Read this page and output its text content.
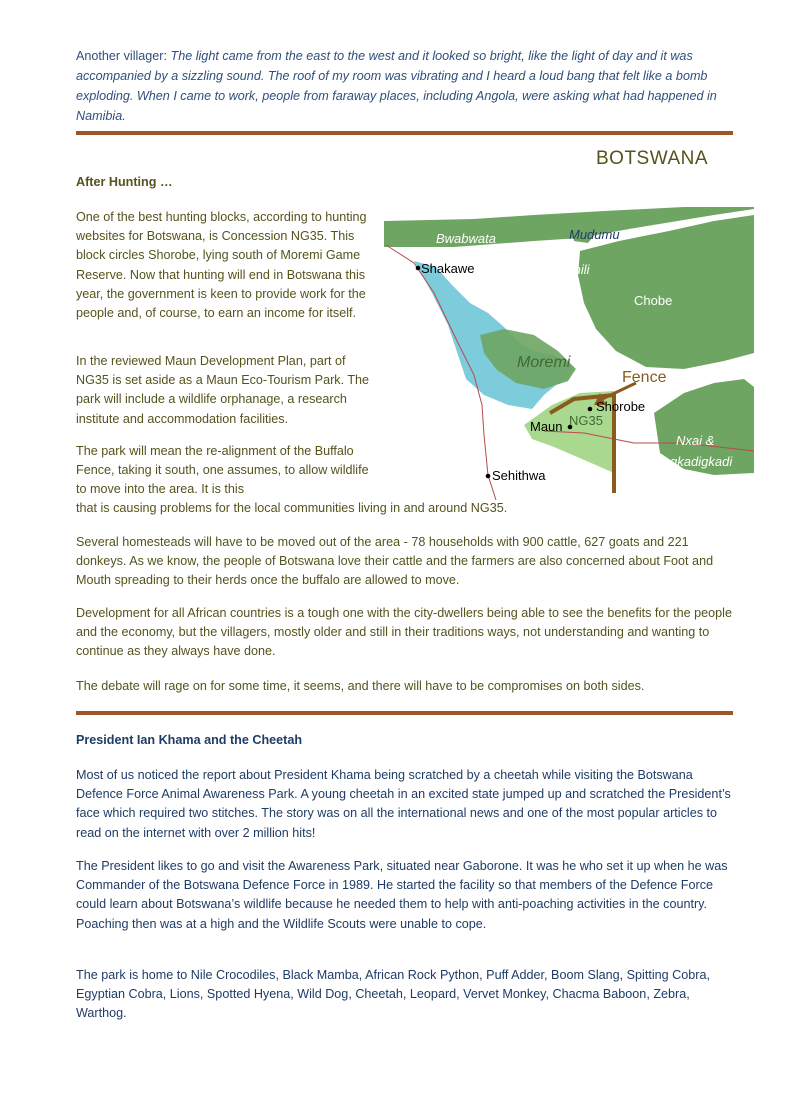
Another villager: The light came from the east to the west and it looked so bright, like the light of day and it was accompanied by a sizzling sound. The roof of my room was vibrating and I heard a loud bang that felt like a bomb exploding. When I came to work, people from faraway places, including Angola, were asking what had happened in Namibia.
BOTSWANA
Bwabwata	Mudumu
Mamili
Shakawe
Chobe
Moremi
Fence
Shorobe
Maun NG35
Nxai &
Magkadigkadi
Sehithwa
After Hunting …

One of the best hunting blocks, according to hunting websites for Botswana, is Concession NG35. This block circles Shorobe, lying south of Moremi Game Reserve. Now that hunting will end in Botswana this year, the government is keen to provide work for the people and, of course, to earn an income for itself.

In the reviewed Maun Development Plan, part of NG35 is set aside as a Maun Eco-Tourism Park. The park will include a wildlife orphanage, a research institute and accommodation facilities.

The park will mean the re-alignment of the Buffalo Fence, taking it south, one assumes, to allow wildlife to move into the area. It is this

that is causing problems for the local communities living in and around NG35.

Several homesteads will have to be moved out of the area - 78 households with 900 cattle, 627 goats and 221 donkeys. As we know, the people of Botswana love their cattle and the farmers are also concerned about Foot and Mouth spreading to their herds once the buffalo are allowed to move.

Development for all African countries is a tough one with the city-dwellers being able to see the benefits for the people and the economy, but the villagers, mostly older and still in their traditions ways, not understanding and wanting to continue as they always have done.

The debate will rage on for some time, it seems, and there will have to be compromises on both sides.

President Ian Khama and the Cheetah

Most of us noticed the report about President Khama being scratched by a cheetah while visiting the Botswana Defence Force Animal Awareness Park. A young cheetah in an excited state jumped up and scratched the President’s face which required two stitches. The story was on all the international news and one of the most popular articles to read on the internet with over 2 million hits!

The President likes to go and visit the Awareness Park, situated near Gaborone. It was he who set it up when he was Commander of the Botswana Defence Force in 1989. He started the facility so that members of the Defence Force could learn about Botswana’s wildlife because he needed them to help with anti-poaching activities in the country. Poaching then was at a high and the Wildlife Scouts were unable to cope.

The park is home to Nile Crocodiles, Black Mamba, African Rock Python, Puff Adder, Boom Slang, Spitting Cobra, Egyptian Cobra, Lions, Spotted Hyena, Wild Dog, Cheetah, Leopard, Vervet Monkey, Chacma Baboon, Zebra, Warthog.
